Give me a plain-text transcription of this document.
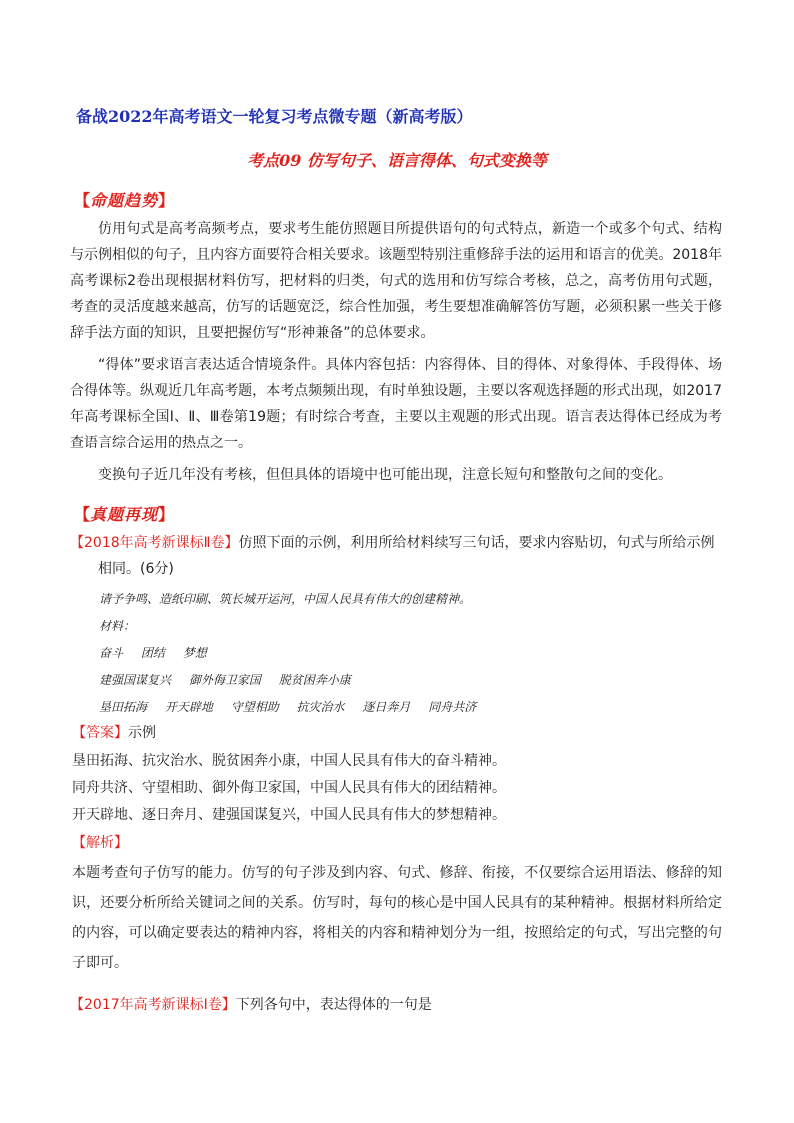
备战2022年高考语文一轮复习考点微专题（新高考版）
考点09 仿写句子、语言得体、句式变换等
【命题趋势】
仿用句式是高考高频考点，要求考生能仿照题目所提供语句的句式特点，新造一个或多个句式、结构与示例相似的句子，且内容方面要符合相关要求。该题型特别注重修辞手法的运用和语言的优美。2018年高考课标2卷出现根据材料仿写，把材料的归类，句式的选用和仿写综合考核，总之，高考仿用句式题，考查的灵活度越来越高，仿写的话题宽泛，综合性加强，考生要想准确解答仿写题，必须积累一些关于修辞手法方面的知识，且要把握仿写“形神兼备”的总体要求。
“得体”要求语言表达适合情境条件。具体内容包括：内容得体、目的得体、对象得体、手段得体、场合得体等。纵观近几年高考题，本考点频频出现，有时单独设题，主要以客观选择题的形式出现，如2017年高考课标全国Ⅰ、Ⅱ、Ⅲ卷第19题；有时综合考查，主要以主观题的形式出现。语言表达得体已经成为考查语言综合运用的热点之一。
变换句子近几年没有考核，但但具体的语境中也可能出现，注意长短句和整散句之间的变化。
【真题再现】
【2018年高考新课标Ⅱ卷】仿照下面的示例，利用所给材料续写三句话，要求内容贴切，句式与所给示例
相同。(6分)
请予争鸣、造纸印刷、筑长城开运河，中国人民具有伟大的创建精神。
材料：
奋斗 团结 梦想
建强国谋复兴 御外侮卫家国 脱贫困奔小康
垦田拓海 开天辟地 守望相助 抗灾治水 逐日奔月 同舟共济
【答案】示例
垦田拓海、抗灾治水、脱贫困奔小康，中国人民具有伟大的奋斗精神。
同舟共济、守望相助、御外侮卫家国，中国人民具有伟大的团结精神。
开天辟地、逐日奔月、建强国谋复兴，中国人民具有伟大的梦想精神。
【解析】
本题考查句子仿写的能力。仿写的句子涉及到内容、句式、修辞、衔接，不仅要综合运用语法、修辞的知识，还要分析所给关键词之间的关系。仿写时，每句的核心是中国人民具有的某种精神。根据材料所给定的内容，可以确定要表达的精神内容，将相关的内容和精神划分为一组，按照给定的句式，写出完整的句子即可。
【2017年高考新课标Ⅰ卷】下列各句中，表达得体的一句是
